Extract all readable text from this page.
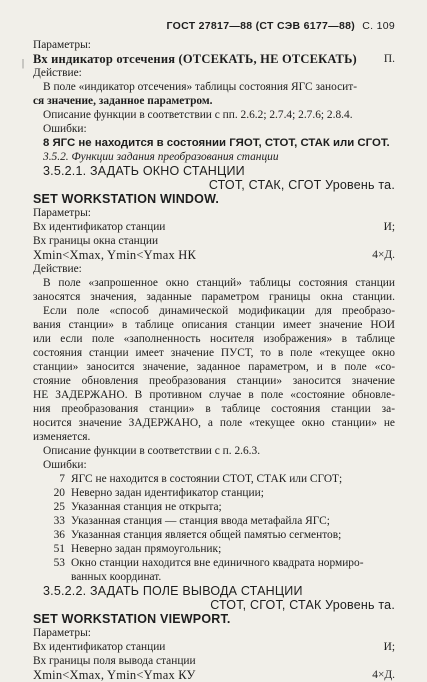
ГОСТ 27817—88 (СТ СЭВ 6177—88) С. 109
|

Параметры:

Вх индикатор отсечения (ОТСЕКАТЬ, НЕ ОТСЕКАТЬ) П.

Действие:

В поле «индикатор отсечения» таблицы состояния ЯГС заносит-

ся значение, заданное параметром.

Описание функции в соответствии с пп. 2.6.2; 2.7.4; 2.7.6; 2.8.4.

Ошибки:

8 ЯГС не находится в состоянии ГЯОТ, СТОТ, СТАК или СГОТ.

3.5.2. Функции задания преобразования станции

3.5.2.1. ЗАДАТЬ ОКНО СТАНЦИИ

СТОТ, СТАК, СГОТ Уровень та.

SET WORKSTATION WINDOW.

Параметры:

Вх идентификатор станции	И;

Вх границы окна станции

Xmin<Xmax, Ymin<Ymax НК	4×Д.

Действие:

В поле «запрошенное окно станций» таблицы состояния станции

заносятся значения, заданные параметром границы окна станции.

Если поле «способ динамической модификации для преобразо-

вания станции» в таблице описания станции имеет значение НОИ

или если поле «заполненность носителя изображения» в таблице

состояния станции имеет значение ПУСТ, то в поле «текущее окно

станции» заносится значение, заданное параметром, и в поле «со-

стояние обновления преобразования станции» заносится значение

НЕ ЗАДЕРЖАНО. В противном случае в поле «состояние обновле-

ния преобразования станции» в таблице состояния станции за-

носится значение ЗАДЕРЖАНО, а поле «текущее окно станции» не

изменяется.

Описание функции в соответствии с п. 2.6.3.

Ошибки:

7 ЯГС не находится в состоянии СТОТ, СТАК или СГОТ;
20 Неверно задан идентификатор станции;
25 Указанная станция не открыта;
33 Указанная станция — станция ввода метафайла ЯГС;
36 Указанная станция является общей памятью сегментов;
51 Неверно задан прямоугольник;
53 Окно станции находится вне единичного квадрата нормиро-

ванных координат.

3.5.2.2. ЗАДАТЬ ПОЛЕ ВЫВОДА СТАНЦИИ

СТОТ, СГОТ, СТАК Уровень та.

SET WORKSTATION VIEWPORT.

Параметры:

Вх идентификатор станции	И;

Вх границы поля вывода станции

Xmin<Xmax, Ymin<Ymax КУ	4×Д.
